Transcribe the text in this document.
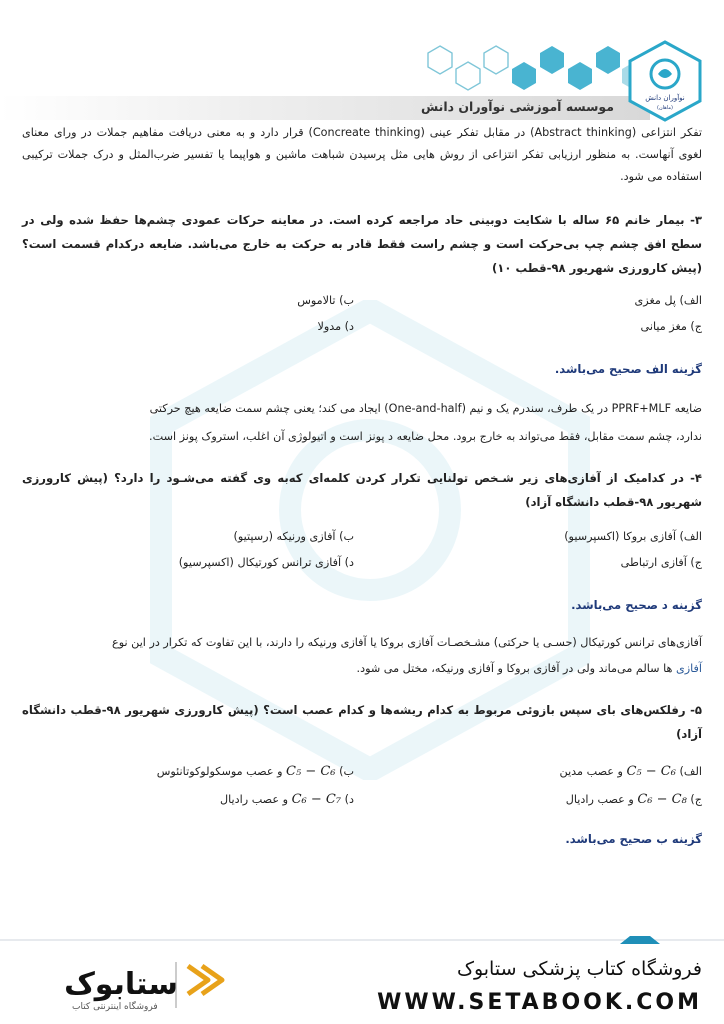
موسسه آموزشی نوآوران دانش
نوآوران دانش
(ماهان)
تفکر انتزاعی (Abstract thinking) در مقابل تفکر عینی (Concreate thinking) قرار دارد و به معنی دریافت مفاهیم جملات در ورای معنای لغوی آنهاست. به منظور ارزیابی تفکر انتزاعی از روش هایی مثل پرسیدن شباهت ماشین و هواپیما یا تفسیر ضرب‌المثل و درک جملات ترکیبی استفاده می شود.
۳- بیمار خانم ۶۵ ساله با شکایت دوبینی حاد مراجعه کرده است. در معاینه حرکات عمودی چشم‌ها حفظ شده ولی در سطح افق چشم چپ بی‌حرکت است و چشم راست فقط قادر به حرکت به خارج می‌باشد. ضایعه درکدام قسمت است؟ (پیش کارورزی شهریور ۹۸-قطب ۱۰)
الف) پل مغزی
ب) تالاموس
ج) مغز میانی
د) مدولا
گزینه الف صحیح می‌باشد.
ضایعه PPRF+MLF در یک طرف، سندرم یک و نیم (One-and-half) ایجاد می کند؛ یعنی چشم سمت ضایعه هیچ حرکتی
ندارد، چشم سمت مقابل، فقط می‌تواند به خارج برود. محل ضایعه د پونز است و اتیولوژی آن اغلب، استروک پونز است.
۴- در کدامیک از آفازی‌های زیر شـخص تولنایی تکرار کردن کلمه‌ای که‌به وی گفته می‌شـود را دارد؟ (پیش کارورزی شهریور ۹۸-قطب دانشگاه آزاد)
الف) آفازی بروکا (اکسپرسیو)
ب) آفازی ورنیکه (رسپتیو)
ج) آفازی ارتباطی
د) آفازی ترانس کورتیکال (اکسپرسیو)
گزینه د صحیح می‌باشد.
آفازی‌های ترانس کورتیکال (حسـی یا حرکتی) مشـخصـات آفازی بروکا یا آفازی ورنیکه را دارند، با این تفاوت که تکرار در این نوع
آفازی ها سالم می‌ماند ولی در آفازی بروکا و آفازی ورنیکه، مختل می شود.
۵- رفلکس‌های بای سپس بازوئی مربوط به کدام ریشه‌ها و کدام عصب است؟ (پیش کارورزی شهریور ۹۸-قطب دانشگاه آزاد)
الف) C₅ − C₆ و عصب مدین
ب) C₅ − C₆ و عصب موسکولوکوتانئوس
ج) C₆ − C₈ و عصب رادیال
د) C₆ − C₇ و عصب رادیال
گزینه ب صحیح می‌باشد.
فروشگاه کتاب پزشکی ستابوک
WWW.SETABOOK.COM
ستابوک
فروشگاه اینترنتی کتاب
